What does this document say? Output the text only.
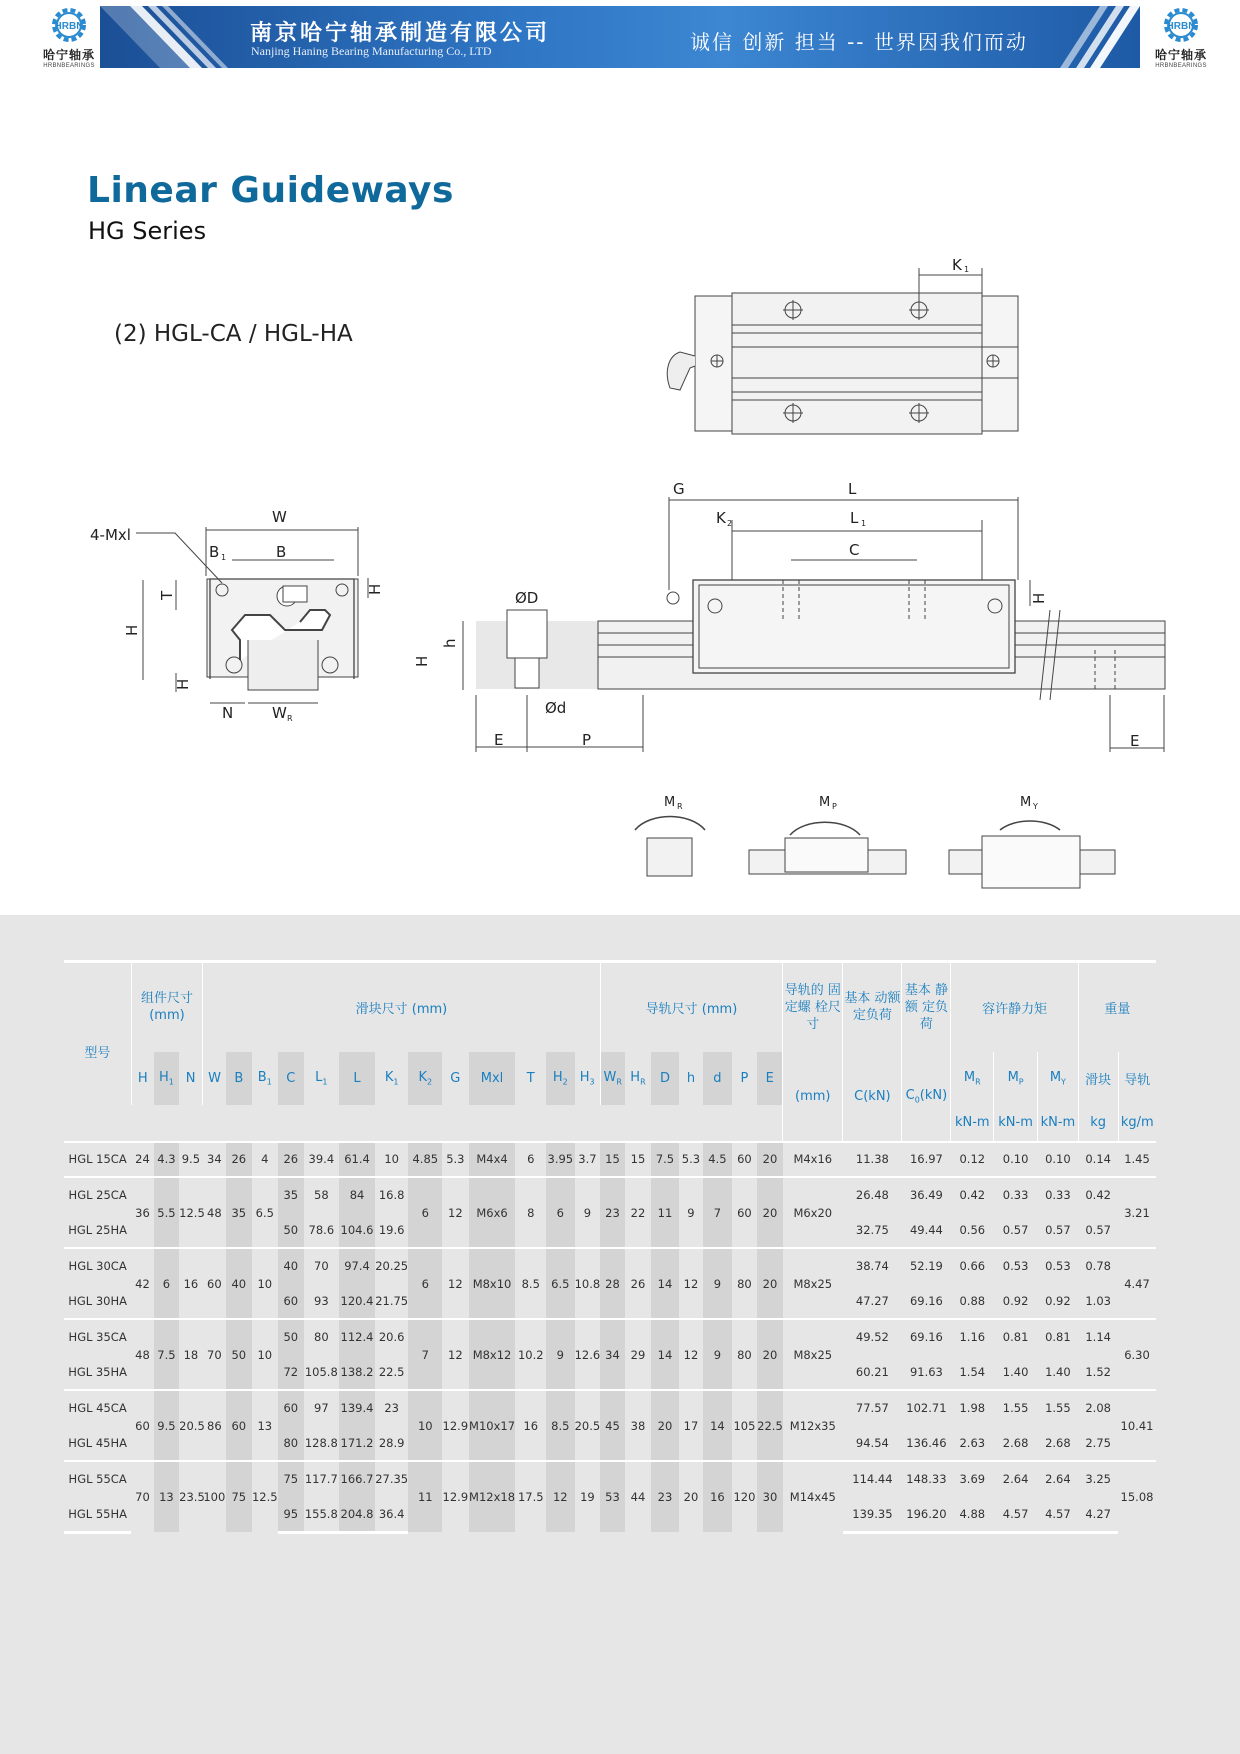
HRBN
哈宁轴承
HRBNBEARINGS
南京哈宁轴承制造有限公司
Nanjing Haning Bearing Manufacturing Co., LTD	诚信 创新 担当 -- 世界因我们而动
HRBN
哈宁轴承
HRBNBEARINGS
Linear Guideways
HG Series
(2) HGL-CA / HGL-HA
K 1
W
B
B 1
4-Mxl
H
T
H
H
N	W R
L
G
L 1
K 2
C
H
ØD
Ød
H
h
E	P	E
M R	M P	M Y
型号	组件尺寸 (mm)			滑块尺寸 (mm)													导轨尺寸 (mm)							导轨的 固定螺 栓尺寸	基本 动额 定负荷	基本 静额 定负荷	容许静力矩			重量	
	H	$H_1$	N	W	B	$B_1$	C	$L_1$	L	$K_1$	$K_2$	G	Mxl	T	$H_2$	$H_3$	$W_R$	$H_R$	D	h	d	P	E	(mm)	C(kN)	$C_0(kN)$	$M_R$	$M_P$	$M_Y$	滑块	导轨
																											kN-m	kN-m	kN-m	kg	kg/m
HGL 15CA	24	4.3	9.5	34	26	4	26	39.4	61.4	10	4.85	5.3	M4x4	6	3.95	3.7	15	15	7.5	5.3	4.5	60	20	M4x16	11.38	16.97	0.12	0.10	0.10	0.14	1.45
HGL 25CA	36	5.5	12.5	48	35	6.5	35	58	84	16.8	6	12	M6x6	8	6	9	23	22	11	9	7	60	20	M6x20	26.48	36.49	0.42	0.33	0.33	0.42	3.21
HGL 25HA							50	78.6	104.6	19.6															32.75	49.44	0.56	0.57	0.57	0.57	
HGL 30CA	42	6	16	60	40	10	40	70	97.4	20.25	6	12	M8x10	8.5	6.5	10.8	28	26	14	12	9	80	20	M8x25	38.74	52.19	0.66	0.53	0.53	0.78	4.47
HGL 30HA							60	93	120.4	21.75															47.27	69.16	0.88	0.92	0.92	1.03	
HGL 35CA	48	7.5	18	70	50	10	50	80	112.4	20.6	7	12	M8x12	10.2	9	12.6	34	29	14	12	9	80	20	M8x25	49.52	69.16	1.16	0.81	0.81	1.14	6.30
HGL 35HA							72	105.8	138.2	22.5															60.21	91.63	1.54	1.40	1.40	1.52	
HGL 45CA	60	9.5	20.5	86	60	13	60	97	139.4	23	10	12.9	M10x17	16	8.5	20.5	45	38	20	17	14	105	22.5	M12x35	77.57	102.71	1.98	1.55	1.55	2.08	10.41
HGL 45HA							80	128.8	171.2	28.9															94.54	136.46	2.63	2.68	2.68	2.75	
HGL 55CA	70	13	23.5	100	75	12.5	75	117.7	166.7	27.35	11	12.9	M12x18	17.5	12	19	53	44	23	20	16	120	30	M14x45	114.44	148.33	3.69	2.64	2.64	3.25	15.08
HGL 55HA							95	155.8	204.8	36.4															139.35	196.20	4.88	4.57	4.57	4.27	
